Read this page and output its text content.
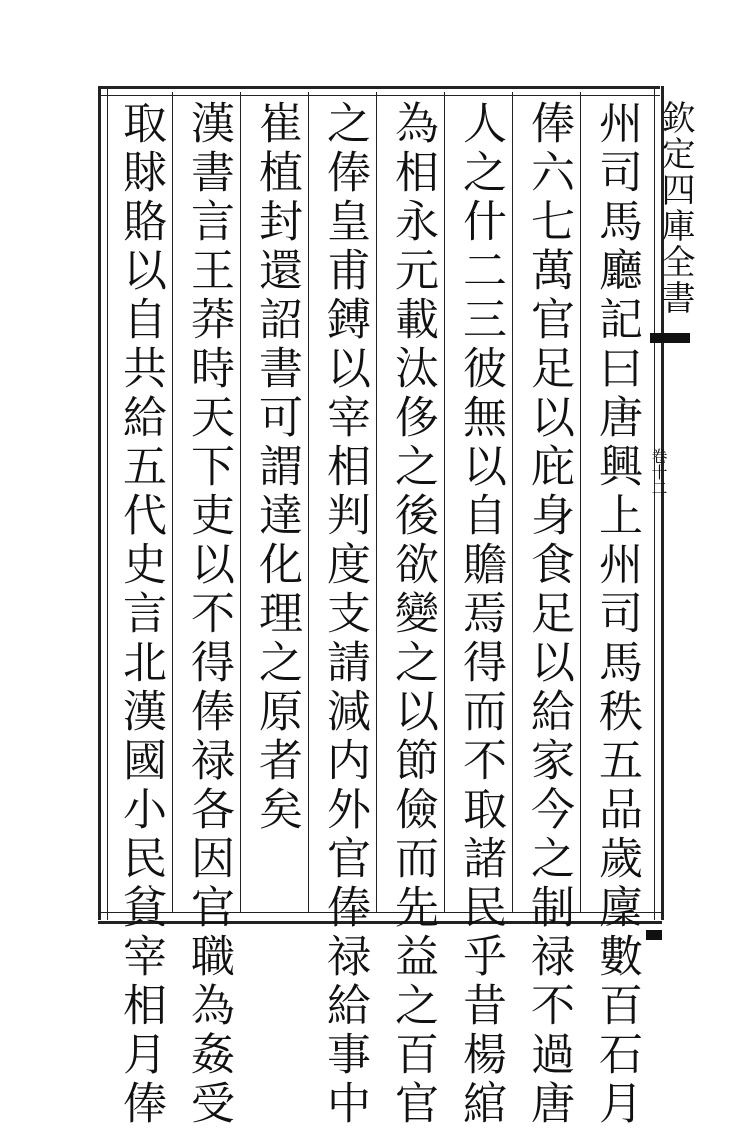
欽定四庫全書
卷十二
州司馬廳記曰唐興上州司馬秩五品歲廩數百石月
俸六七萬官足以庇身食足以給家今之制禄不過唐
人之什二三彼無以自贍焉得而不取諸民乎昔楊綰
為相永元載汰侈之後欲變之以節儉而先益之百官
之俸皇甫鎛以宰相判度支請減内外官俸禄給事中
崔植封還詔書可謂達化理之原者矣
漢書言王莽時天下吏以不得俸禄各因官職為姦受
取賕賂以自共給五代史言北漢國小民貧宰相月俸
